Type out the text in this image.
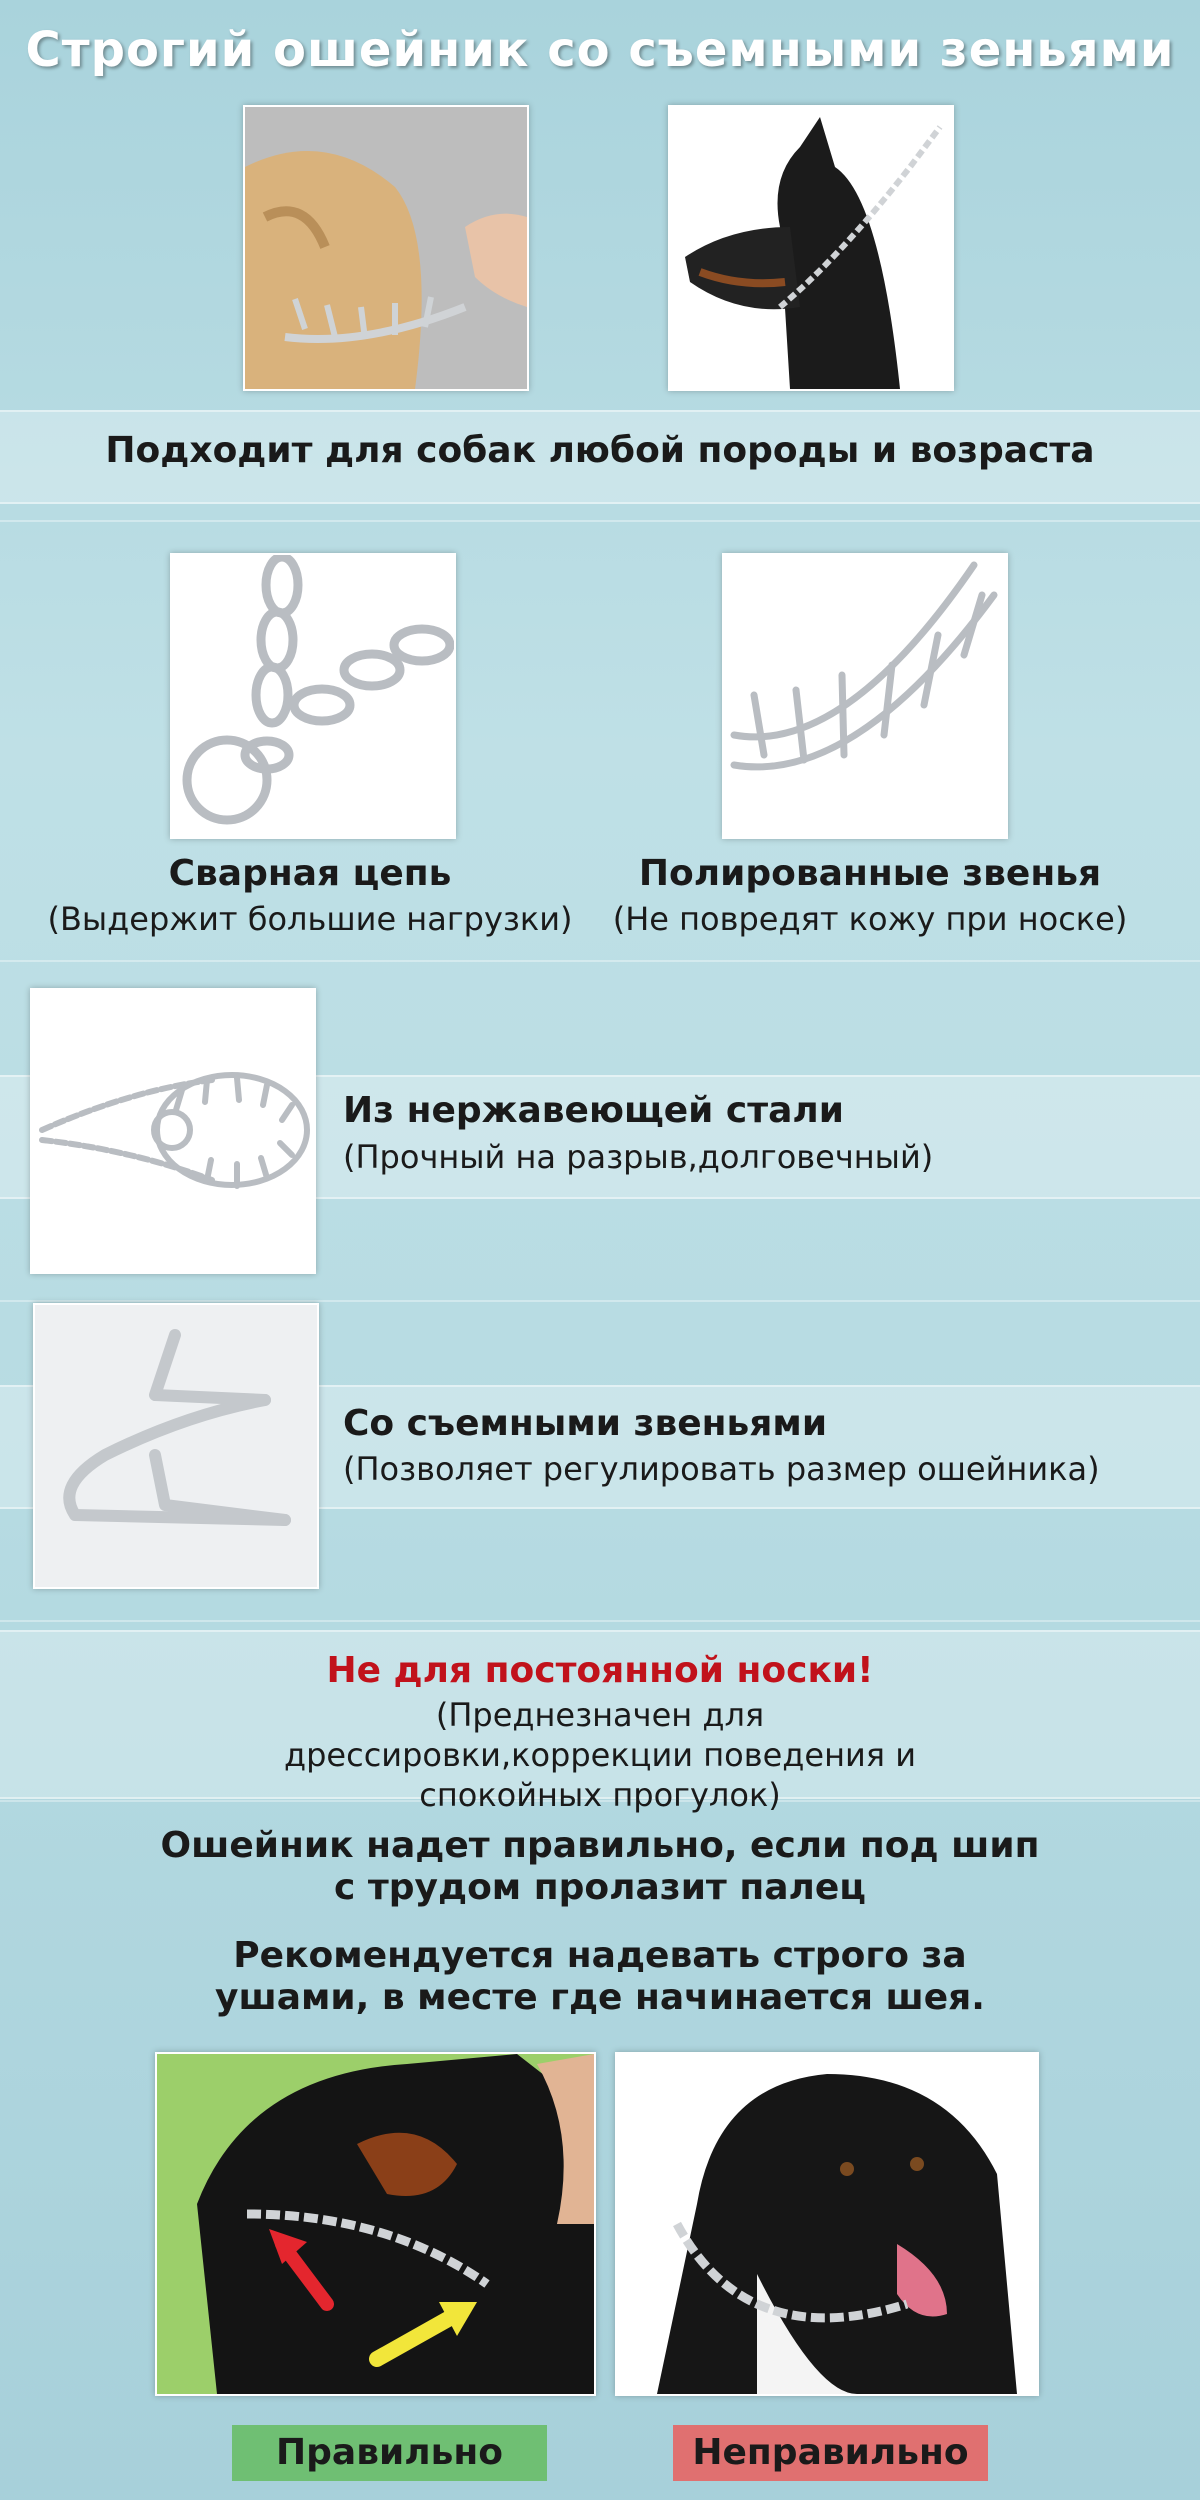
Строгий ошейник со съемными зеньями
Подходит для собак любой породы и возраста
Сварная цепь
(Выдержит большие нагрузки)
Полированные звенья
(Не повредят кожу при носке)
Из нержавеющей стали
(Прочный на разрыв,долговечный)
Со съемными звеньями
(Позволяет регулировать размер ошейника)
Не для постоянной носки!
(Преднезначен для дрессировки,коррекции поведения и спокойных прогулок)
Ошейник надет правильно, если под шип с трудом пролазит палец
Рекомендуется надевать строго за ушами, в месте где начинается шея.
Правильно	Неправильно
